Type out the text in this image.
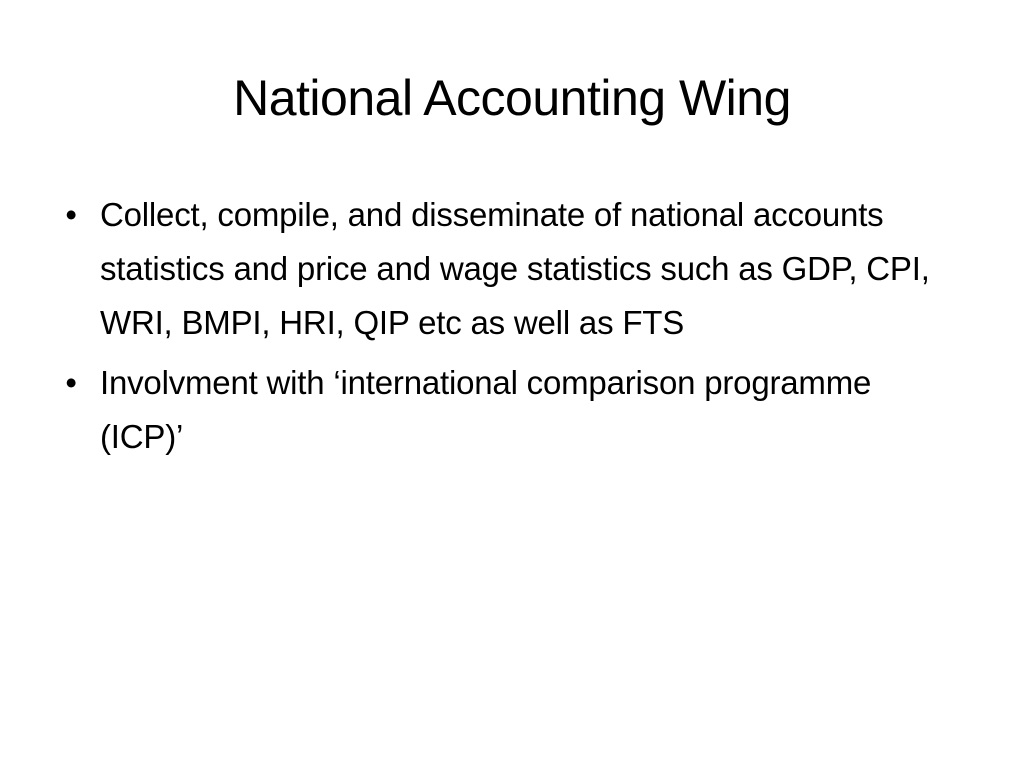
National Accounting Wing
• Collect, compile, and disseminate of national accounts statistics and price and wage statistics such as GDP, CPI, WRI, BMPI, HRI, QIP etc as well as FTS
• Involvment with ‘international comparison programme (ICP)’
